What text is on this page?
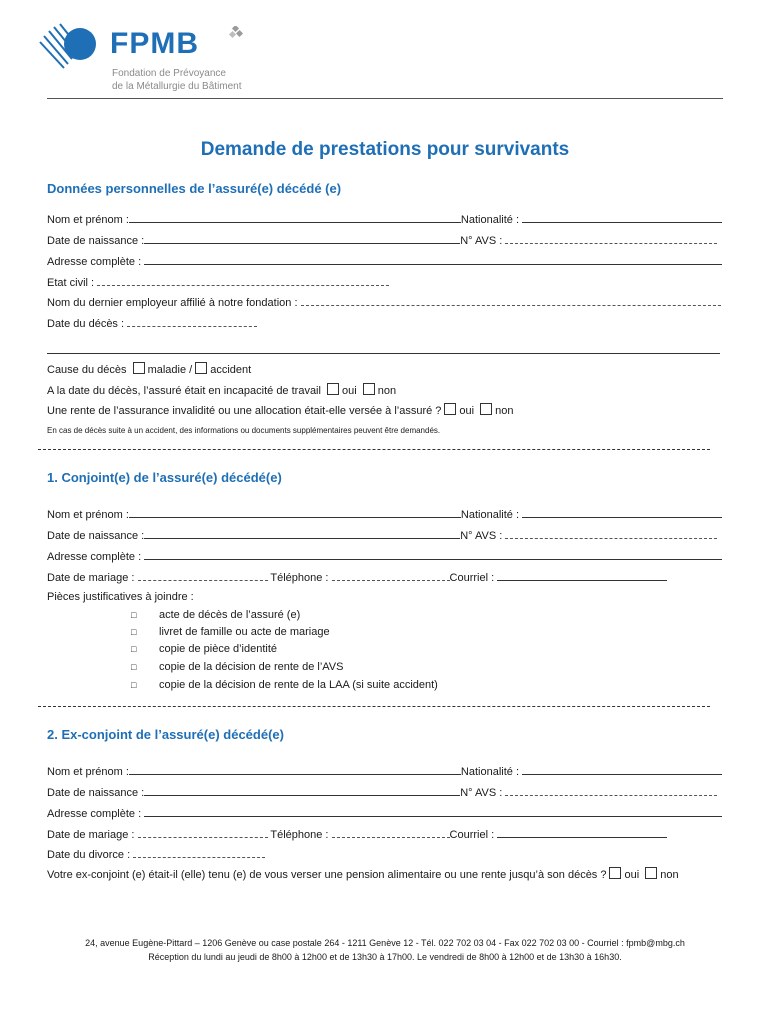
FPMB
Fondation de Prévoyance
de la Métallurgie du Bâtiment
Demande de prestations pour survivants
Données personnelles de l’assuré(e) décédé (e)
Nom et prénom :	Nationalité :
Date de naissance :	N° AVS :
Adresse complète :
Etat civil :
Nom du dernier employeur affilié à notre fondation :
Date du décès :
Cause du décès maladie / accident
A la date du décès, l’assuré était en incapacité de travail oui non
Une rente de l’assurance invalidité ou une allocation était-elle versée à l’assuré ? oui non
En cas de décès suite à un accident, des informations ou documents supplémentaires peuvent être demandés.
1. Conjoint(e) de l’assuré(e) décédé(e)
Nom et prénom :	Nationalité :
Date de naissance :	N° AVS :
Adresse complète :
Date de mariage :	Téléphone :	Courriel :
Pièces justificatives à joindre :
□ acte de décès de l’assuré (e)
□ livret de famille ou acte de mariage
□ copie de pièce d’identité
□ copie de la décision de rente de l’AVS
□ copie de la décision de rente de la LAA (si suite accident)
2. Ex-conjoint de l’assuré(e) décédé(e)
Nom et prénom :	Nationalité :
Date de naissance :	N° AVS :
Adresse complète :
Date de mariage :	Téléphone :	Courriel :
Date du divorce :
Votre ex-conjoint (e) était-il (elle) tenu (e) de vous verser une pension alimentaire ou une rente jusqu’à son décès ? oui non
24, avenue Eugène-Pittard – 1206 Genève ou case postale 264 - 1211 Genève 12 - Tél. 022 702 03 04 - Fax 022 702 03 00 - Courriel : fpmb@mbg.ch
Réception du lundi au jeudi de 8h00 à 12h00 et de 13h30 à 17h00. Le vendredi de 8h00 à 12h00 et de 13h30 à 16h30.
